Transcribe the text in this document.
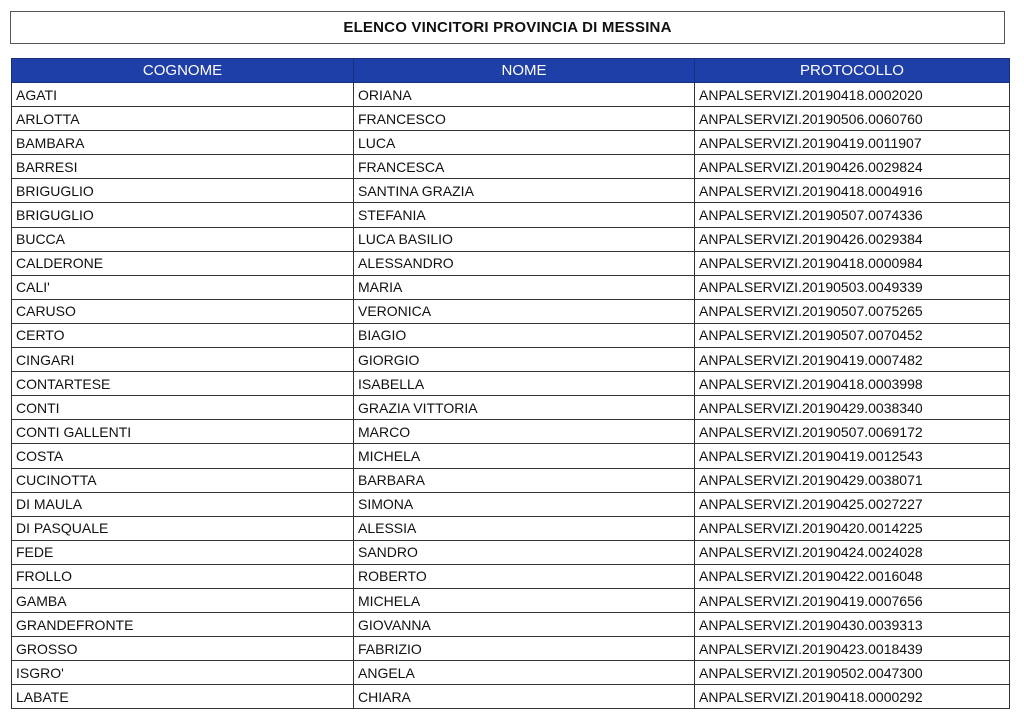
ELENCO VINCITORI PROVINCIA DI MESSINA
COGNOME	NOME	PROTOCOLLO
AGATI	ORIANA	ANPALSERVIZI.20190418.0002020
ARLOTTA	FRANCESCO	ANPALSERVIZI.20190506.0060760
BAMBARA	LUCA	ANPALSERVIZI.20190419.0011907
BARRESI	FRANCESCA	ANPALSERVIZI.20190426.0029824
BRIGUGLIO	SANTINA GRAZIA	ANPALSERVIZI.20190418.0004916
BRIGUGLIO	STEFANIA	ANPALSERVIZI.20190507.0074336
BUCCA	LUCA BASILIO	ANPALSERVIZI.20190426.0029384
CALDERONE	ALESSANDRO	ANPALSERVIZI.20190418.0000984
CALI'	MARIA	ANPALSERVIZI.20190503.0049339
CARUSO	VERONICA	ANPALSERVIZI.20190507.0075265
CERTO	BIAGIO	ANPALSERVIZI.20190507.0070452
CINGARI	GIORGIO	ANPALSERVIZI.20190419.0007482
CONTARTESE	ISABELLA	ANPALSERVIZI.20190418.0003998
CONTI	GRAZIA VITTORIA	ANPALSERVIZI.20190429.0038340
CONTI GALLENTI	MARCO	ANPALSERVIZI.20190507.0069172
COSTA	MICHELA	ANPALSERVIZI.20190419.0012543
CUCINOTTA	BARBARA	ANPALSERVIZI.20190429.0038071
DI MAULA	SIMONA	ANPALSERVIZI.20190425.0027227
DI PASQUALE	ALESSIA	ANPALSERVIZI.20190420.0014225
FEDE	SANDRO	ANPALSERVIZI.20190424.0024028
FROLLO	ROBERTO	ANPALSERVIZI.20190422.0016048
GAMBA	MICHELA	ANPALSERVIZI.20190419.0007656
GRANDEFRONTE	GIOVANNA	ANPALSERVIZI.20190430.0039313
GROSSO	FABRIZIO	ANPALSERVIZI.20190423.0018439
ISGRO'	ANGELA	ANPALSERVIZI.20190502.0047300
LABATE	CHIARA	ANPALSERVIZI.20190418.0000292
